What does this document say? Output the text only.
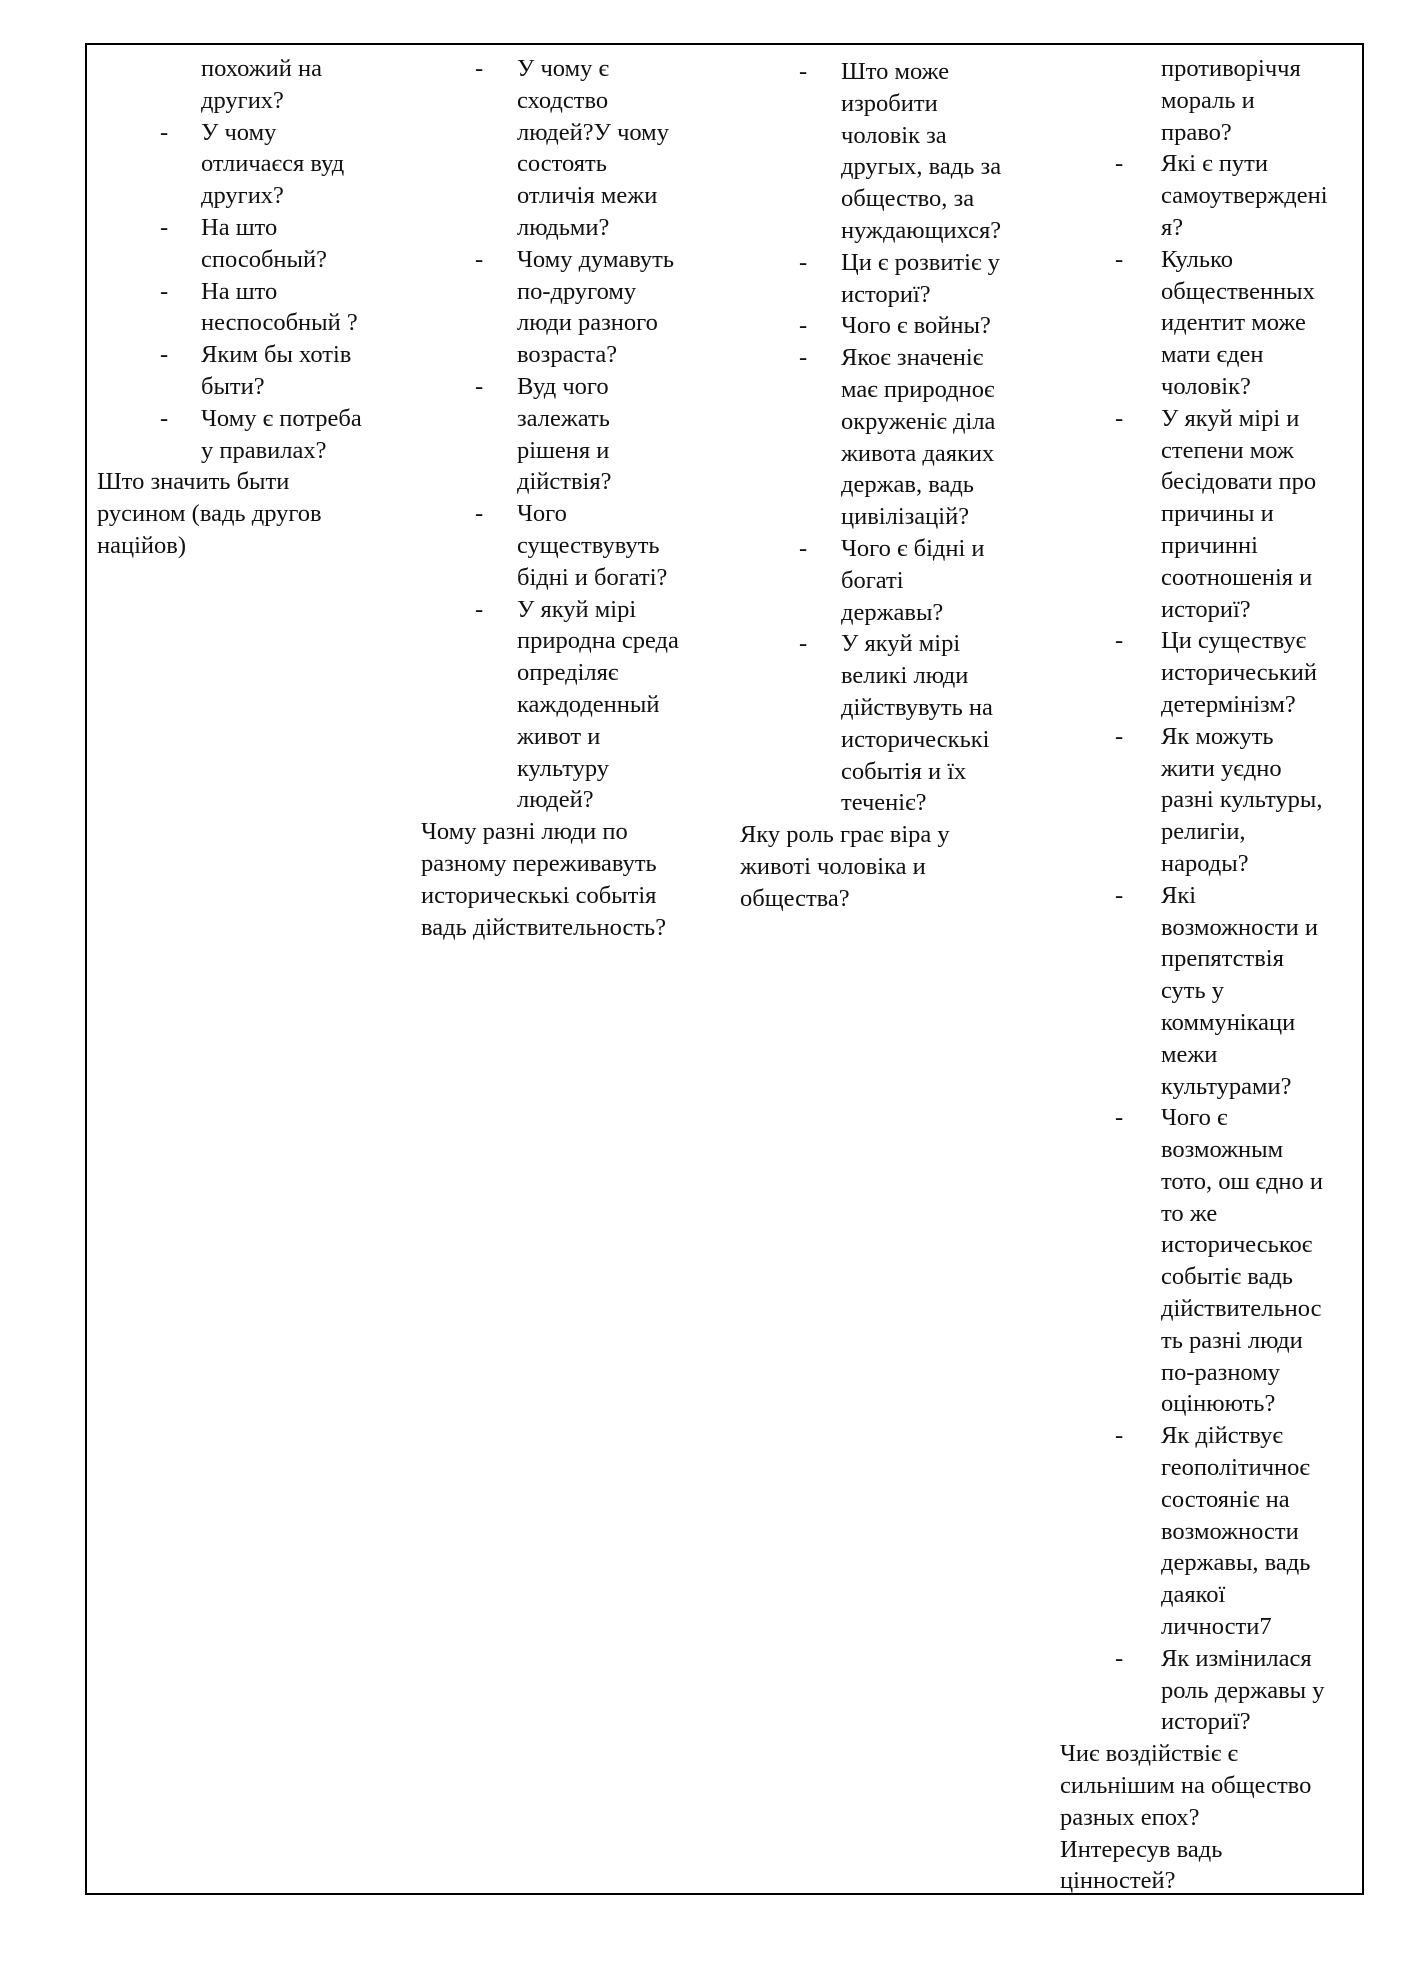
похожий на
других?
- У чому
отличаєся вуд
других?
- На што
способный?
- На што
неспособный ?
- Яким бы хотів
быти?
- Чому є потреба
у правилах?
Што значить быти
русином (вадь другов
наційов)
- У чому є
сходство
людей?У чому
состоять
отличія межи
людьми?
- Чому думавуть
по-другому
люди разного
возраста?
- Вуд чого
залежать
рішеня и
дійствія?
- Чого
существувуть
бідні и богаті?
- У якуй мірі
природна среда
опреділяє
каждоденный
живот и
культуру
людей?
Чому разні люди по
разному переживавуть
историческькі событія
вадь дійствительность?
- Што може
изробити
чоловік за
другых, вадь за
общество, за
нуждающихся?
- Ци є розвитіє у
историї?
- Чого є войны?
- Якоє значеніє
має природноє
окруженіє діла
живота даяких
держав, вадь
цивілізацій?
- Чого є бідні и
богаті
державы?
- У якуй мірі
великі люди
дійствувуть на
историческькі
событія и їх
теченіє?
Яку роль грає віра у
животі чоловіка и
общества?
противоріччя
мораль и
право?
- Які є пути
самоутвержденi
я?
- Кулько
общественных
идентит може
мати єден
чоловік?
- У якуй мірі и
степени мож
бесідовати про
причины и
причинні
соотношенія и
историї?
- Ци существує
историчеський
детермінізм?
- Як можуть
жити уєдно
разні культуры,
религіи,
народы?
- Які
возможности и
препятствія
суть у
коммунікаци
межи
культурами?
- Чого є
возможным
тото, ош єдно и
то же
историчеськоє
событіє вадь
дійствительнос
ть разні люди
по-разному
оцінюють?
- Як дійствує
геополітичноє
состояніє на
возможности
державы, вадь
даякої
личности7
- Як измінилася
роль державы у
историї?
Чиє воздійствіє є
сильнішим на общество
разных епох?
Интересув вадь
цінностей?
